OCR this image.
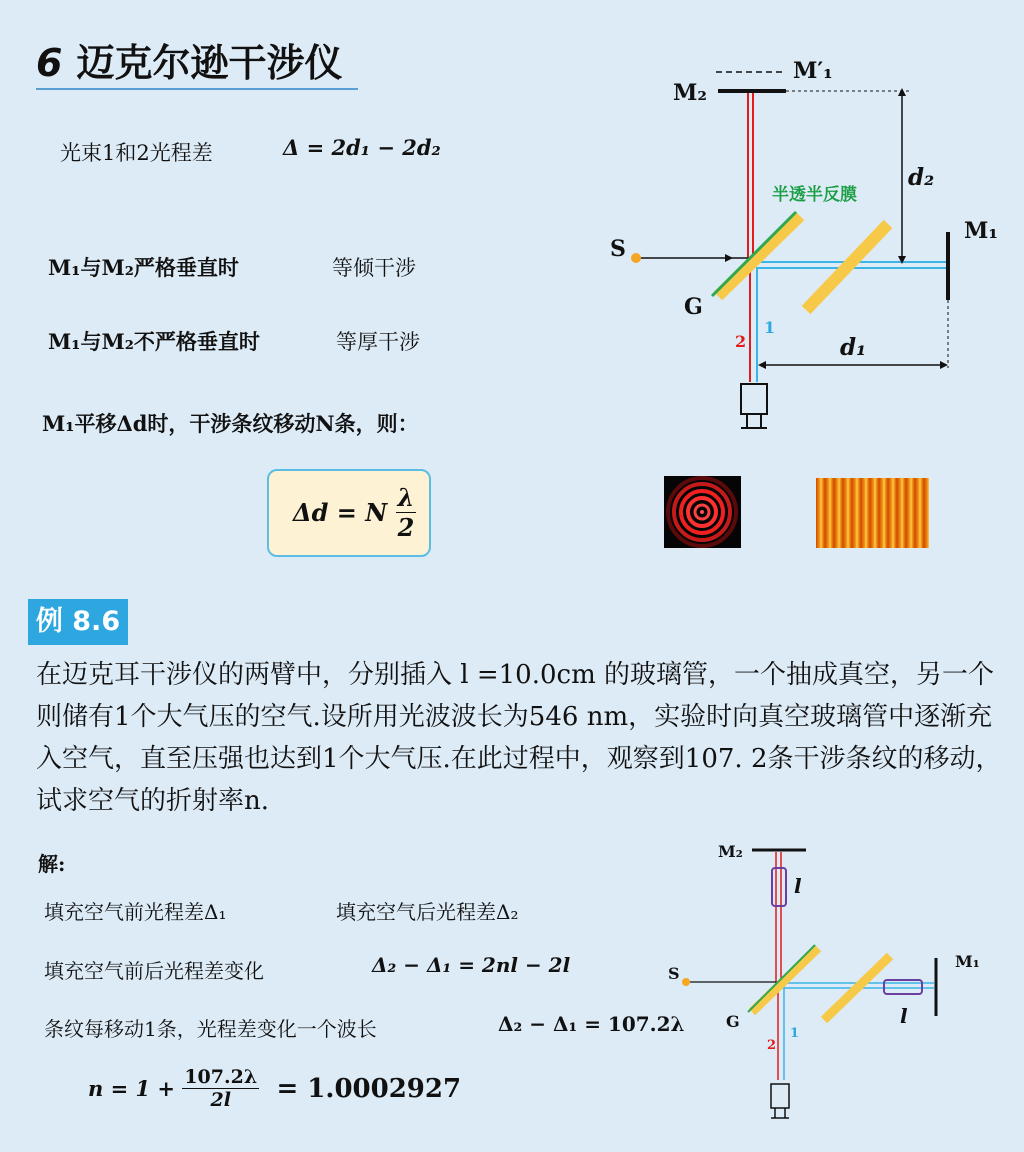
6 迈克尔逊干涉仪
光束1和2光程差	Δ = 2d₁ − 2d₂
M₁与M₂严格垂直时	等倾干涉
M₁与M₂不严格垂直时	等厚干涉
M₁平移Δd时，干涉条纹移动N条，则：
Δd = N $\frac{\lambda}{2}$
M′₁
M₂
M₁
S
G
半透半反膜
d₂
d₁
1
2
例 8.6
在迈克耳干涉仪的两臂中，分别插入 l =10.0cm 的玻璃管，一个抽成真空，另一个则储有1个大气压的空气.设所用光波波长为546 nm，实验时向真空玻璃管中逐渐充入空气，直至压强也达到1个大气压.在此过程中，观察到107. 2条干涉条纹的移动，试求空气的折射率n.
解:
填充空气前光程差Δ₁	填充空气后光程差Δ₂
填充空气前后光程差变化	Δ₂ − Δ₁ = 2nl − 2l
条纹每移动1条，光程差变化一个波长	Δ₂ − Δ₁ = 107.2λ
$n = 1 + \frac{107.2\lambda}{2l} = 1.0002927$
M₂
M₁
S
G
l
l
1
2
